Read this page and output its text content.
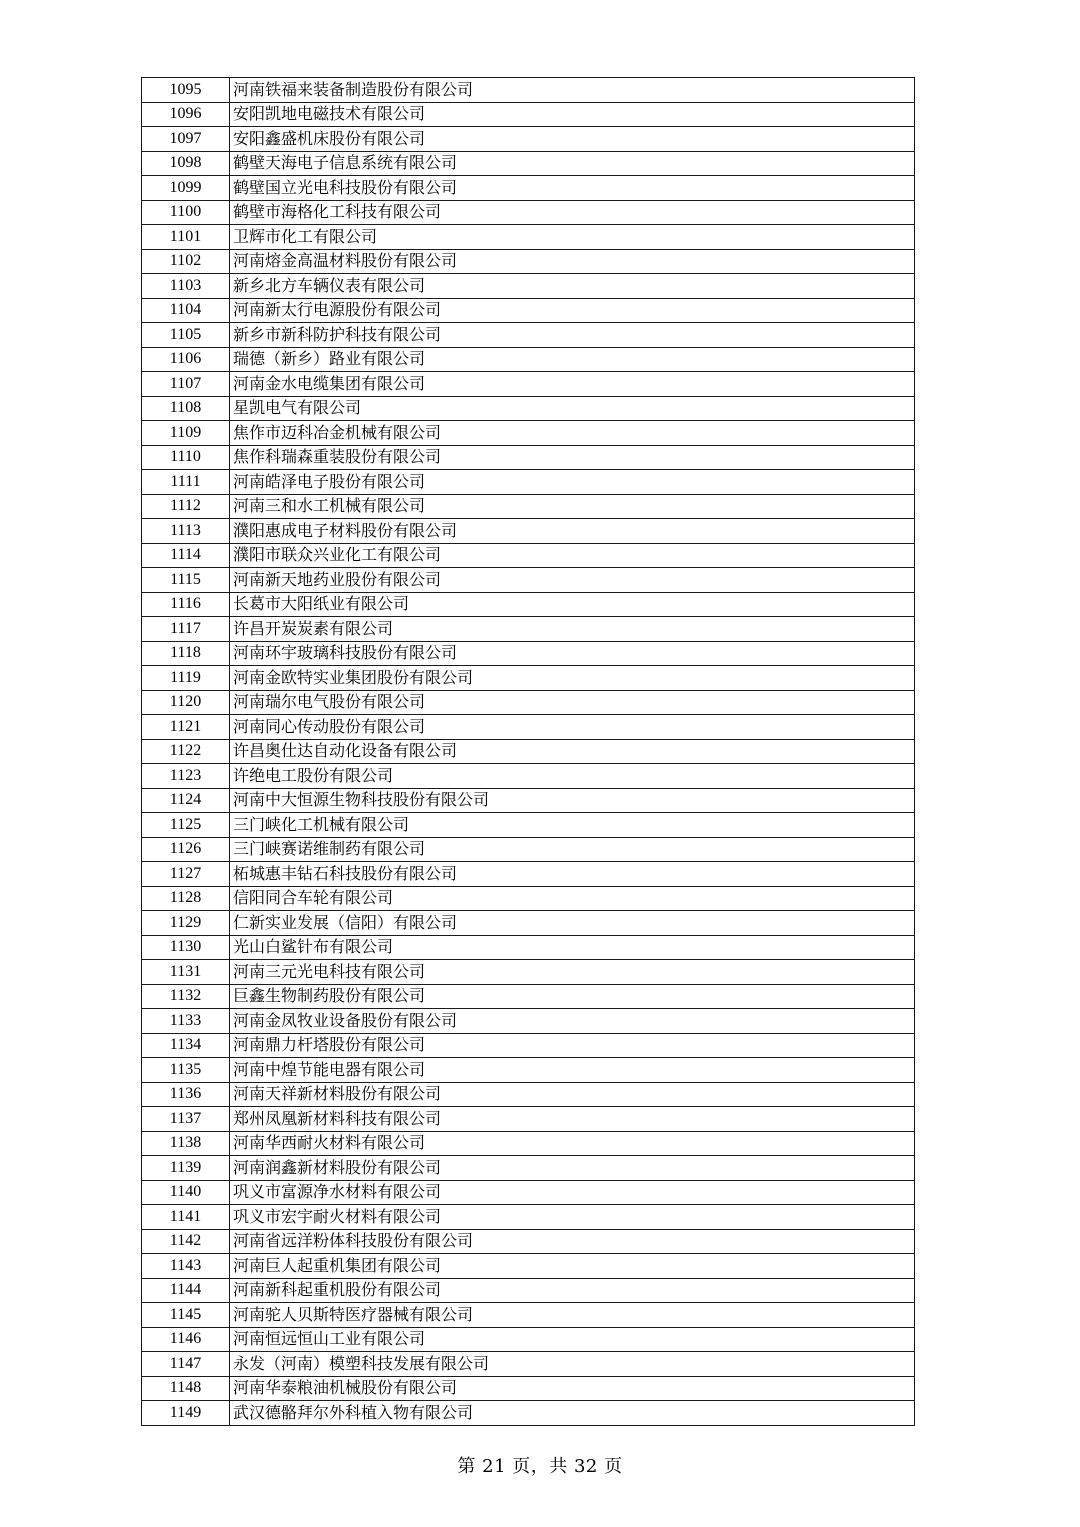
1095	河南铁福来装备制造股份有限公司
1096	安阳凯地电磁技术有限公司
1097	安阳鑫盛机床股份有限公司
1098	鹤壁天海电子信息系统有限公司
1099	鹤壁国立光电科技股份有限公司
1100	鹤壁市海格化工科技有限公司
1101	卫辉市化工有限公司
1102	河南熔金高温材料股份有限公司
1103	新乡北方车辆仪表有限公司
1104	河南新太行电源股份有限公司
1105	新乡市新科防护科技有限公司
1106	瑞德（新乡）路业有限公司
1107	河南金水电缆集团有限公司
1108	星凯电气有限公司
1109	焦作市迈科冶金机械有限公司
1110	焦作科瑞森重装股份有限公司
1111	河南皓泽电子股份有限公司
1112	河南三和水工机械有限公司
1113	濮阳惠成电子材料股份有限公司
1114	濮阳市联众兴业化工有限公司
1115	河南新天地药业股份有限公司
1116	长葛市大阳纸业有限公司
1117	许昌开炭炭素有限公司
1118	河南环宇玻璃科技股份有限公司
1119	河南金欧特实业集团股份有限公司
1120	河南瑞尔电气股份有限公司
1121	河南同心传动股份有限公司
1122	许昌奥仕达自动化设备有限公司
1123	许绝电工股份有限公司
1124	河南中大恒源生物科技股份有限公司
1125	三门峡化工机械有限公司
1126	三门峡赛诺维制药有限公司
1127	柘城惠丰钻石科技股份有限公司
1128	信阳同合车轮有限公司
1129	仁新实业发展（信阳）有限公司
1130	光山白鲨针布有限公司
1131	河南三元光电科技有限公司
1132	巨鑫生物制药股份有限公司
1133	河南金凤牧业设备股份有限公司
1134	河南鼎力杆塔股份有限公司
1135	河南中煌节能电器有限公司
1136	河南天祥新材料股份有限公司
1137	郑州凤凰新材料科技有限公司
1138	河南华西耐火材料有限公司
1139	河南润鑫新材料股份有限公司
1140	巩义市富源净水材料有限公司
1141	巩义市宏宇耐火材料有限公司
1142	河南省远洋粉体科技股份有限公司
1143	河南巨人起重机集团有限公司
1144	河南新科起重机股份有限公司
1145	河南驼人贝斯特医疗器械有限公司
1146	河南恒远恒山工业有限公司
1147	永发（河南）模塑科技发展有限公司
1148	河南华泰粮油机械股份有限公司
1149	武汉德骼拜尔外科植入物有限公司
第 21 页，共 32 页
